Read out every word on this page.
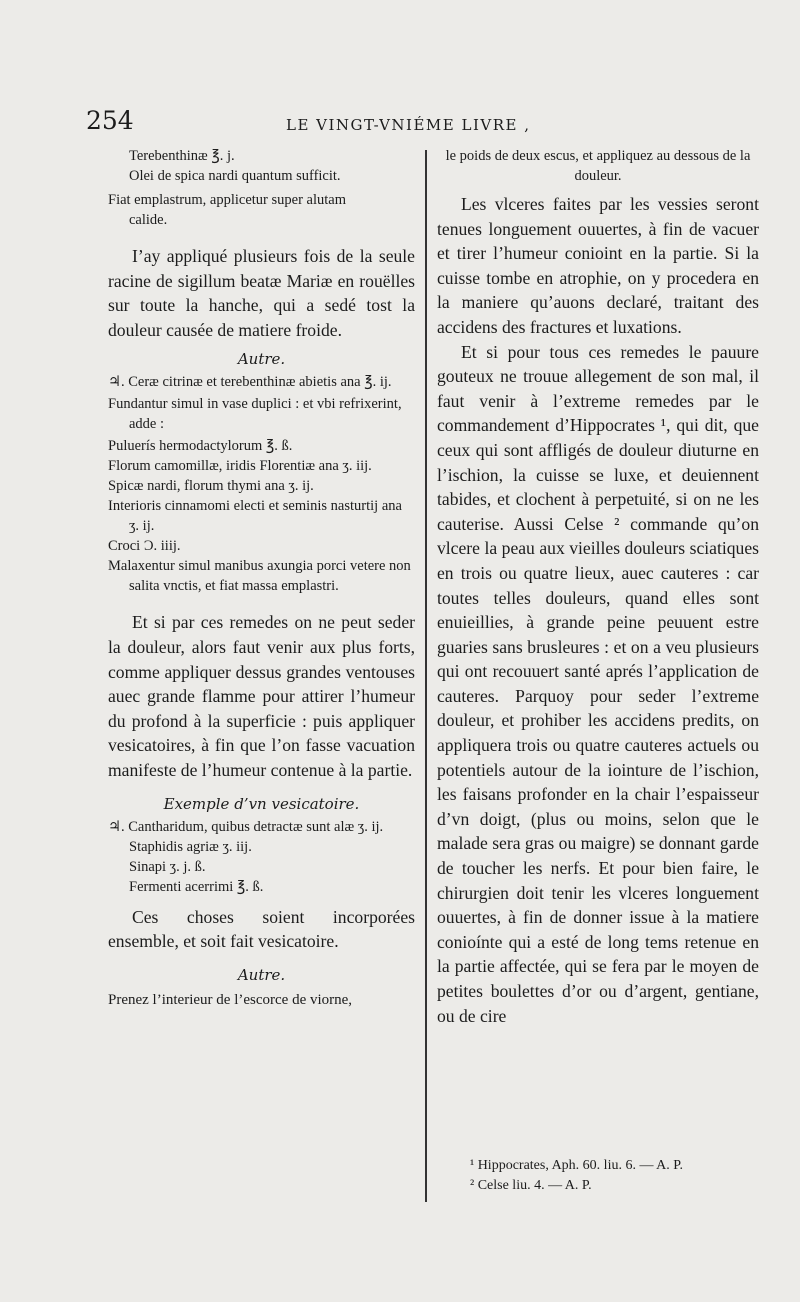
254	LE VINGT-VNIÉME LIVRE ,

Terebenthinæ ℥. j.

Olei de spica nardi quantum sufficit.

Fiat emplastrum, applicetur super alutam

calide.

I’ay appliqué plusieurs fois de la seule racine de sigillum beatæ Mariæ en rouëlles sur toute la hanche, qui a sedé tost la douleur causée de matiere froide.

Autre.

♃. Ceræ citrinæ et terebenthinæ abietis ana ℥. ij.

Fundantur simul in vase duplici : et vbi refrixerint, adde :

Puluerís hermodactylorum ℥. ß.

Florum camomillæ, iridis Florentiæ ana ʒ. iij.

Spicæ nardi, florum thymi ana ʒ. ij.

Interioris cinnamomi electi et seminis nasturtij ana ʒ. ij.

Croci Ɔ. iiij.

Malaxentur simul manibus axungia porci vetere non salita vnctis, et fiat massa emplastri.

Et si par ces remedes on ne peut seder la douleur, alors faut venir aux plus forts, comme appliquer dessus grandes ventouses auec grande flamme pour attirer l’humeur du profond à la superficie : puis appliquer vesicatoires, à fin que l’on fasse vacuation manifeste de l’humeur contenue à la partie.

Exemple d’vn vesicatoire.

♃. Cantharidum, quibus detractæ sunt alæ ʒ. ij.

Staphidis agriæ ʒ. iij.

Sinapi ʒ. j. ß.

Fermenti acerrimi ℥. ß.

Ces choses soient incorporées ensemble, et soit fait vesicatoire.

Autre.

Prenez l’interieur de l’escorce de viorne,

le poids de deux escus, et appliquez au dessous de la douleur.

Les vlceres faites par les vessies seront tenues longuement ouuertes, à fin de vacuer et tirer l’humeur conioint en la partie. Si la cuisse tombe en atrophie, on y procedera en la maniere qu’auons declaré, traitant des accidens des fractures et luxations.

Et si pour tous ces remedes le pauure gouteux ne trouue allegement de son mal, il faut venir à l’extreme remedes par le commandement d’Hippocrates ¹, qui dit, que ceux qui sont affligés de douleur diuturne en l’ischion, la cuisse se luxe, et deuiennent tabides, et clochent à perpetuité, si on ne les cauterise. Aussi Celse ² commande qu’on vlcere la peau aux vieilles douleurs sciatiques en trois ou quatre lieux, auec cauteres : car toutes telles douleurs, quand elles sont enuieillies, à grande peine peuuent estre guaries sans brusleures : et on a veu plusieurs qui ont recouuert santé aprés l’application de cauteres. Parquoy pour seder l’extreme douleur, et prohiber les accidens predits, on appliquera trois ou quatre cauteres actuels ou potentiels autour de la iointure de l’ischion, les faisans profonder en la chair l’espaisseur d’vn doigt, (plus ou moins, selon que le malade sera gras ou maigre) se donnant garde de toucher les nerfs. Et pour bien faire, le chirurgien doit tenir les vlceres longuement ouuertes, à fin de donner issue à la matiere conioínte qui a esté de long tems retenue en la partie affectée, qui se fera par le moyen de petites boulettes d’or ou d’argent, gentiane, ou de cire

¹ Hippocrates, Aph. 60. liu. 6. — A. P.

² Celse liu. 4. — A. P.
